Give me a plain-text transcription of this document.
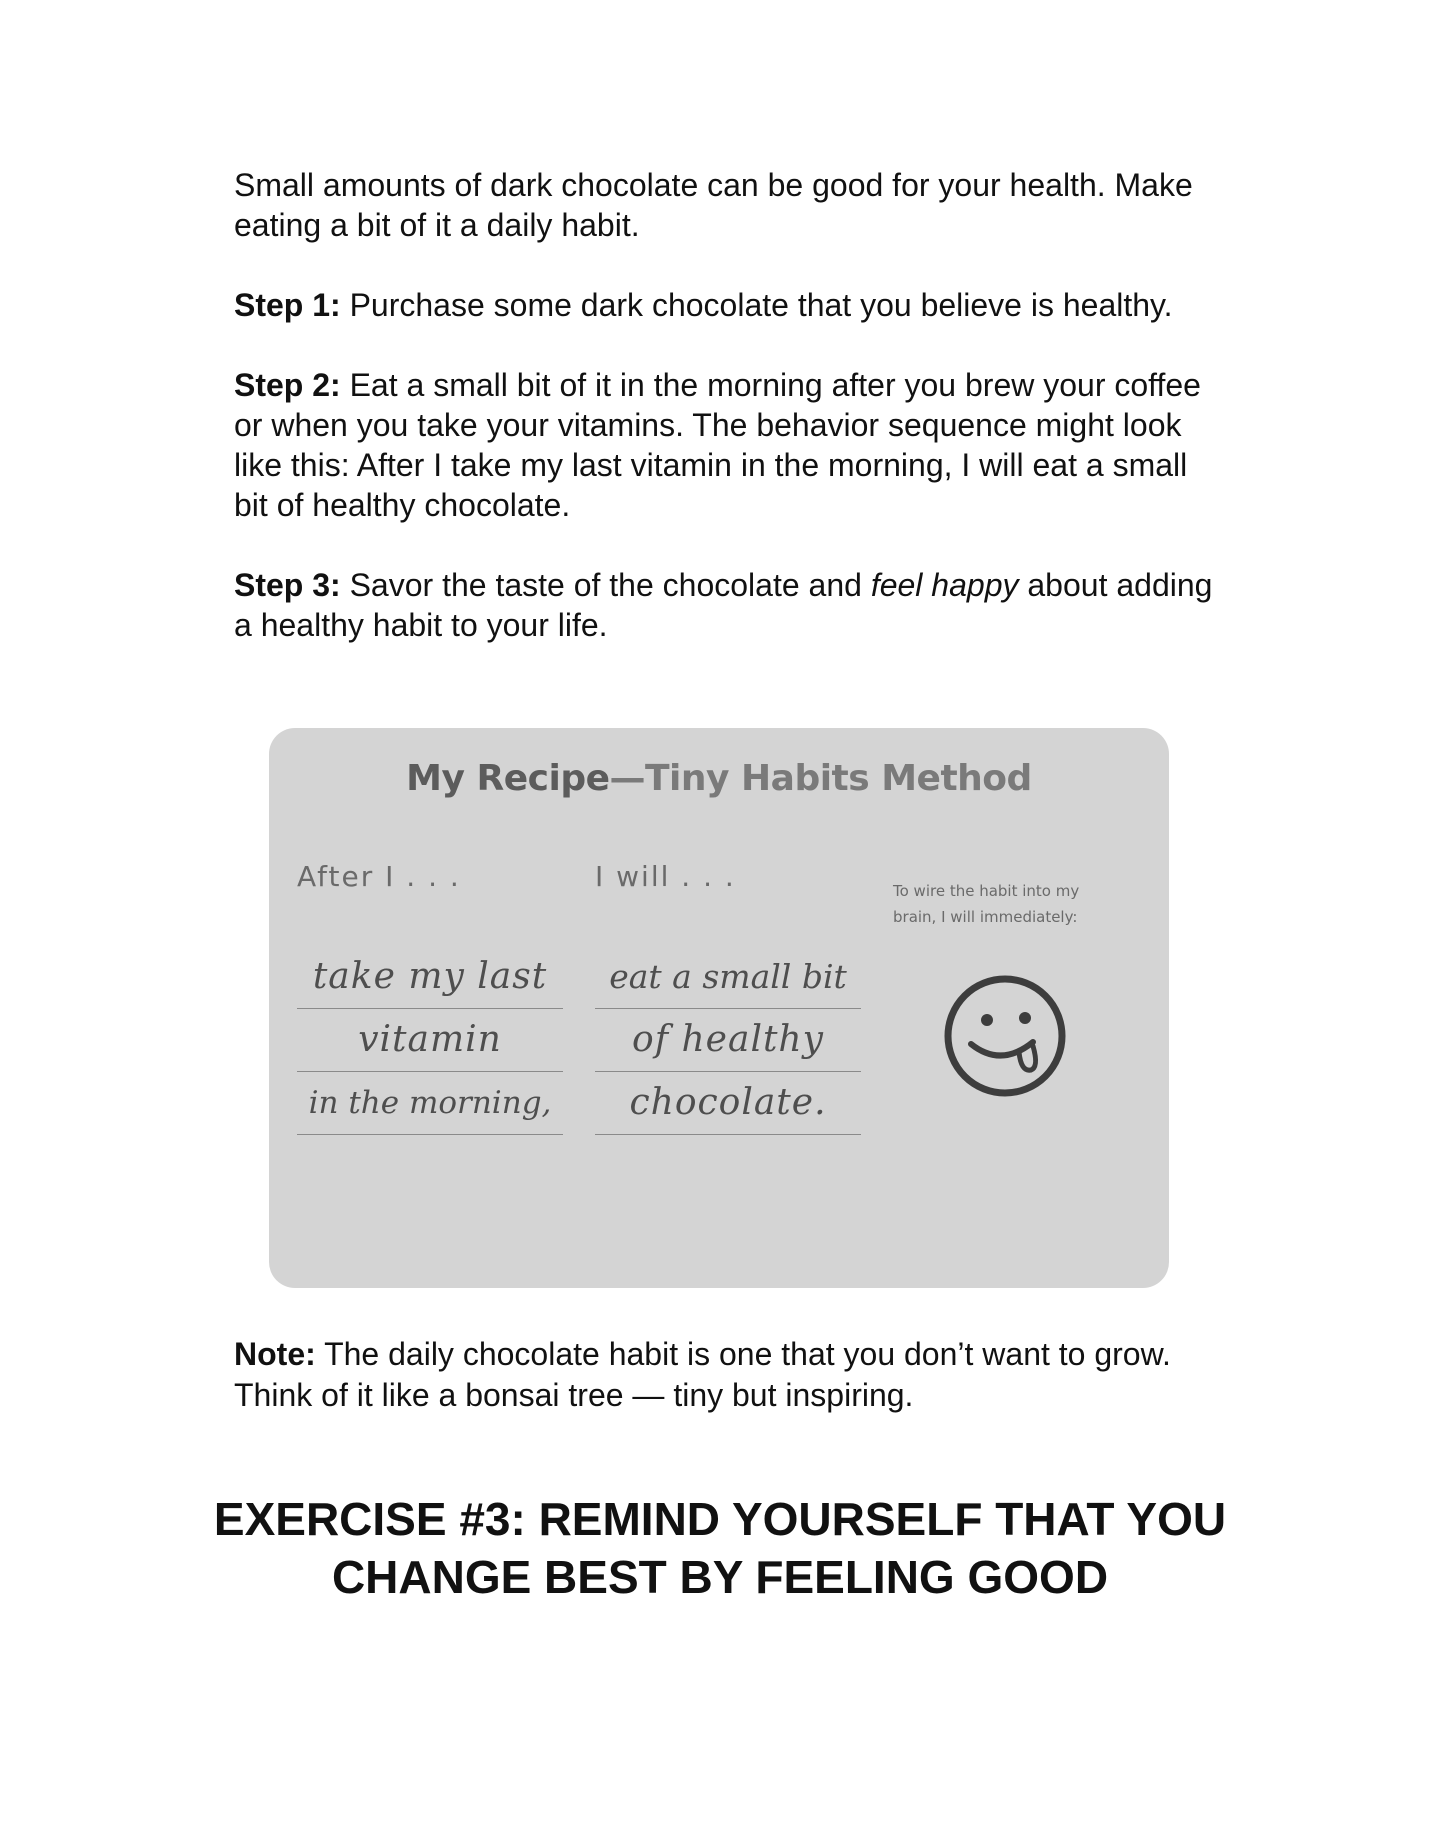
Small amounts of dark chocolate can be good for your health. Make eating a bit of it a daily habit.

Step 1: Purchase some dark chocolate that you believe is healthy.

Step 2: Eat a small bit of it in the morning after you brew your coffee or when you take your vitamins. The behavior sequence might look like this: After I take my last vitamin in the morning, I will eat a small bit of healthy chocolate.

Step 3: Savor the taste of the chocolate and feel happy about adding a healthy habit to your life.

My Recipe—Tiny Habits Method
After I . . .	I will . . .	To wire the habit into my brain, I will immediately:
take my last
vitamin
in the morning,
eat a small bit
of healthy
chocolate.
Note: The daily chocolate habit is one that you don’t want to grow. Think of it like a bonsai tree — tiny but inspiring.
EXERCISE #3: REMIND YOURSELF THAT YOU CHANGE BEST BY FEELING GOOD
